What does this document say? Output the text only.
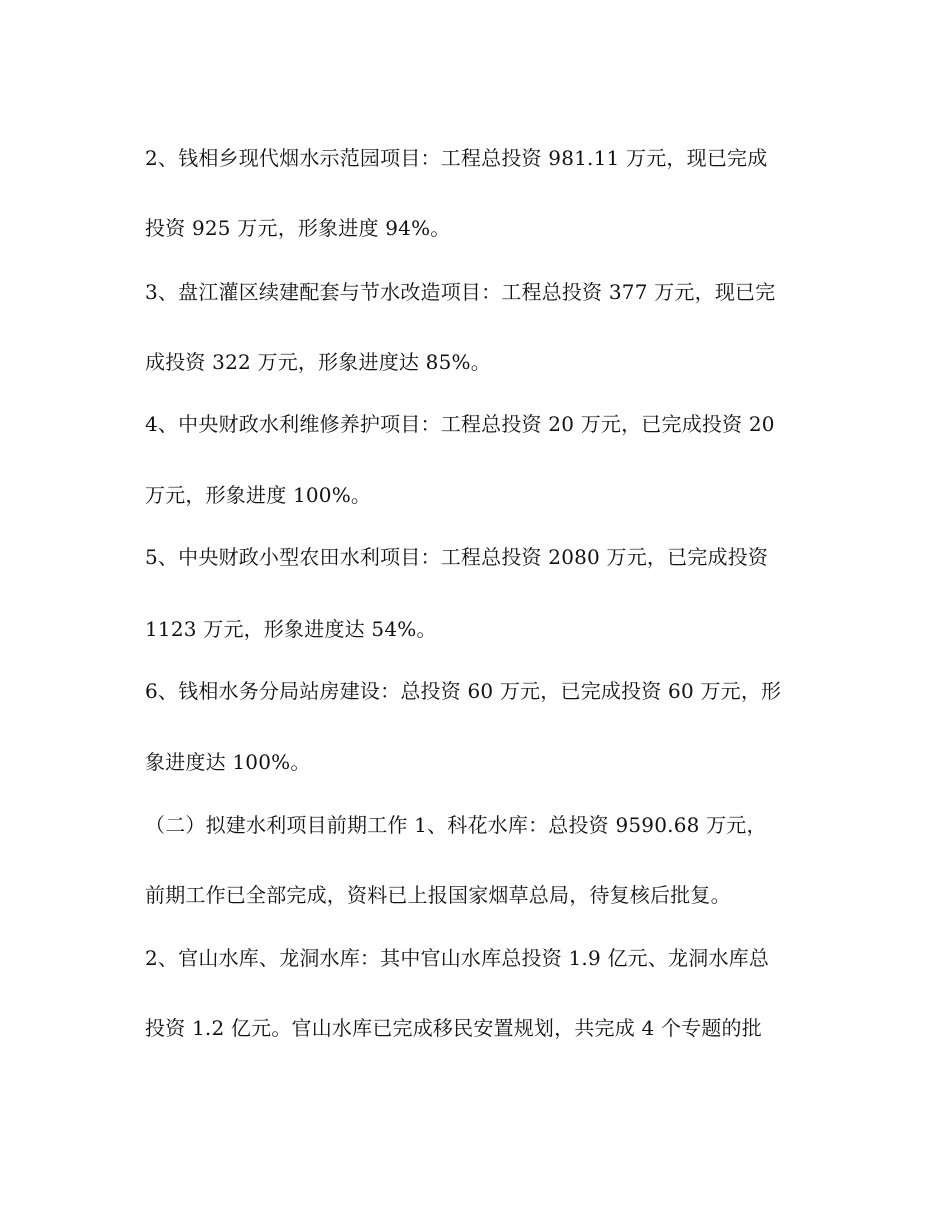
2、钱相乡现代烟水示范园项目：工程总投资 981.11 万元，现已完成
投资 925 万元，形象进度 94%。
3、盘江灌区续建配套与节水改造项目：工程总投资 377 万元，现已完
成投资 322 万元，形象进度达 85%。
4、中央财政水利维修养护项目：工程总投资 20 万元，已完成投资 20
万元，形象进度 100%。
5、中央财政小型农田水利项目：工程总投资 2080 万元，已完成投资
1123 万元，形象进度达 54%。
6、钱相水务分局站房建设：总投资 60 万元，已完成投资 60 万元，形
象进度达 100%。
（二）拟建水利项目前期工作 1、科花水库：总投资 9590.68 万元，
前期工作已全部完成，资料已上报国家烟草总局，待复核后批复。
2、官山水库、龙洞水库：其中官山水库总投资 1.9 亿元、龙洞水库总
投资 1.2 亿元。官山水库已完成移民安置规划，共完成 4 个专题的批
